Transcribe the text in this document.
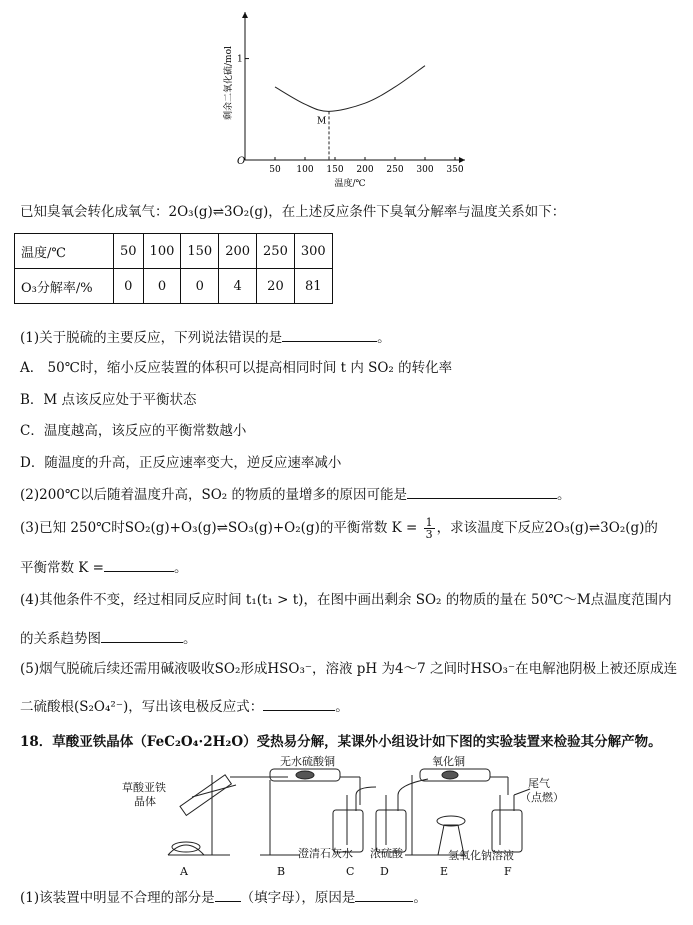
50 100 150 200 250 300 350
O
1
剩余二氧化硫/mol
温度/℃
M
已知臭氧会转化成氧气：2O₃(g)⇌3O₂(g)，在上述反应条件下臭氧分解率与温度关系如下：
温度/℃	50	100	150	200	250	300
O₃分解率/%	0	0	0	4	20	81
(1)关于脱硫的主要反应，下列说法错误的是	。
A． 50℃时，缩小反应装置的体积可以提高相同时间 t 内 SO₂ 的转化率
B．M 点该反应处于平衡状态
C．温度越高，该反应的平衡常数越小
D．随温度的升高，正反应速率变大，逆反应速率减小
(2)200℃以后随着温度升高，SO₂ 的物质的量增多的原因可能是	。
(3)已知 250℃时SO₂(g)+O₃(g)⇌SO₃(g)+O₂(g)的平衡常数 $K = \frac{1}{3}$ ，求该温度下反应2O₃(g)⇌3O₂(g)的
平衡常数 K =	。
(4)其他条件不变，经过相同反应时间 t₁(t₁ > t)，在图中画出剩余 SO₂ 的物质的量在 50℃～M点温度范围内
的关系趋势图	。
(5)烟气脱硫后续还需用碱液吸收SO₂形成HSO₃⁻，溶液 pH 为4～7 之间时HSO₃⁻在电解池阴极上被还原成连
二硫酸根(S₂O₄²⁻)，写出该电极反应式：	。
18．草酸亚铁晶体（FeC₂O₄·2H₂O）受热易分解，某课外小组设计如下图的实验装置来检验其分解产物。
草酸亚铁
晶体
无水硫酸铜	氧化铜
尾气
（点燃）
澄清石灰水 浓硫酸	氢氧化钠溶液
A	B	C D	E	F
(1)该装置中明显不合理的部分是 （填字母），原因是	。
